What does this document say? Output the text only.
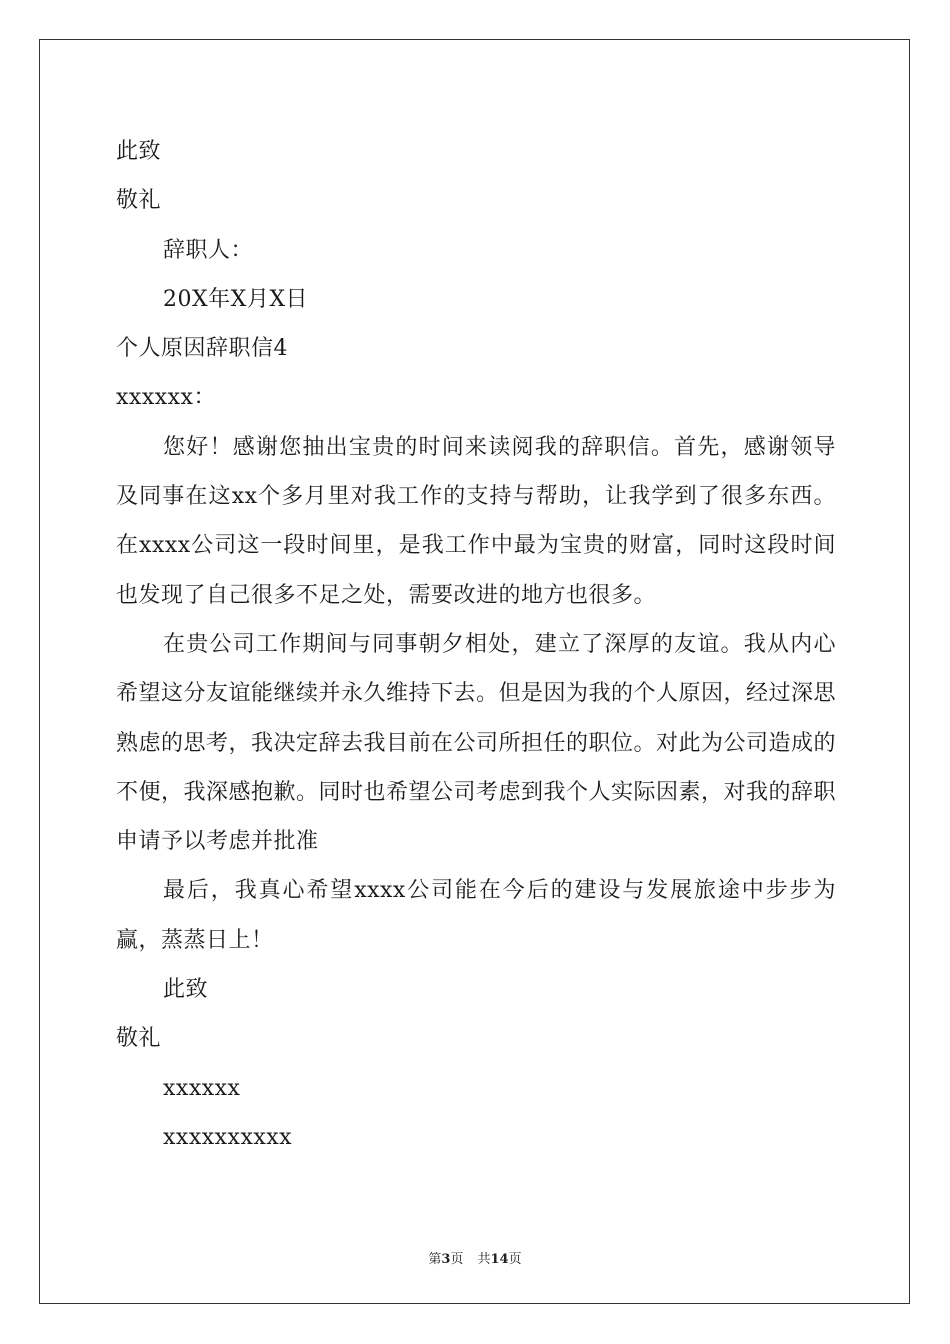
此致

敬礼

辞职人：

20X年X月X日

个人原因辞职信4

xxxxxx：

您好！感谢您抽出宝贵的时间来读阅我的辞职信。首先，感谢领导及同事在这xx个多月里对我工作的支持与帮助，让我学到了很多东西。在xxxx公司这一段时间里，是我工作中最为宝贵的财富，同时这段时间也发现了自己很多不足之处，需要改进的地方也很多。

在贵公司工作期间与同事朝夕相处，建立了深厚的友谊。我从内心希望这分友谊能继续并永久维持下去。但是因为我的个人原因，经过深思熟虑的思考，我决定辞去我目前在公司所担任的职位。对此为公司造成的不便，我深感抱歉。同时也希望公司考虑到我个人实际因素，对我的辞职申请予以考虑并批准

最后，我真心希望xxxx公司能在今后的建设与发展旅途中步步为赢，蒸蒸日上！

此致

敬礼

xxxxxx

xxxxxxxxxx

第3页 共14页
